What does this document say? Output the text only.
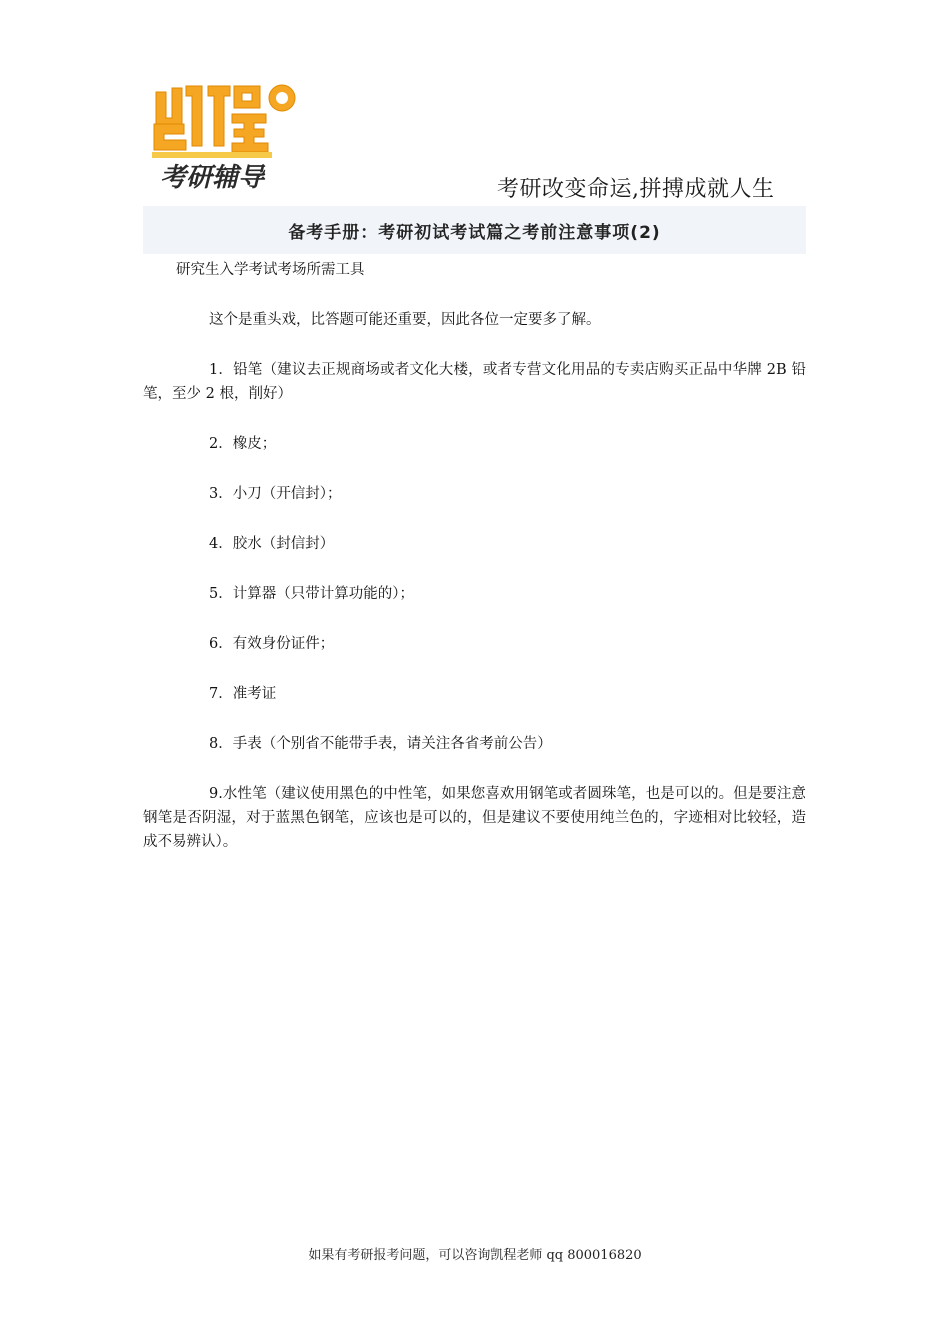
考研辅导	考研改变命运,拼搏成就人生
备考手册：考研初试考试篇之考前注意事项(2)

研究生入学考试考场所需工具

这个是重头戏，比答题可能还重要，因此各位一定要多了解。

1．铅笔（建议去正规商场或者文化大楼，或者专营文化用品的专卖店购买正品中华牌 2B 铅笔，至少 2 根，削好）

2．橡皮；

3．小刀（开信封）；

4．胶水（封信封）

5．计算器（只带计算功能的）；

6．有效身份证件；

7．准考证

8．手表（个别省不能带手表，请关注各省考前公告）

9.水性笔（建议使用黑色的中性笔，如果您喜欢用钢笔或者圆珠笔，也是可以的。但是要注意钢笔是否阴湿，对于蓝黑色钢笔，应该也是可以的，但是建议不要使用纯兰色的，字迹相对比较轻，造成不易辨认）。

如果有考研报考问题，可以咨询凯程老师 qq 800016820
